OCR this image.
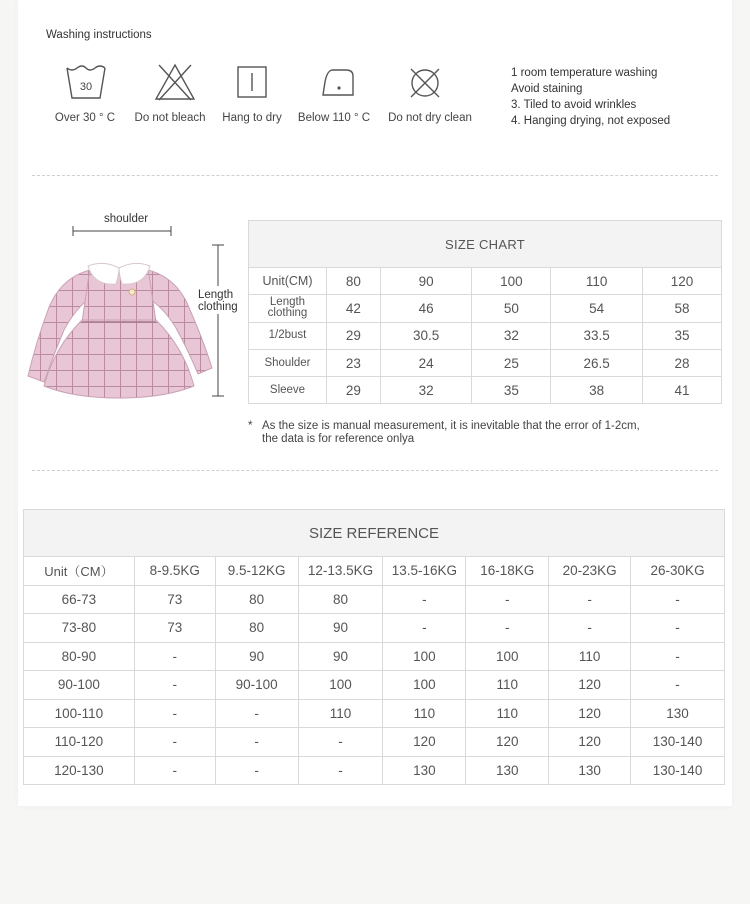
Washing instructions
30
Over 30 ° C Do not bleach Hang to dry Below 110 ° C Do not dry clean
1 room temperature washing
Avoid staining
3. Tiled to avoid wrinkles
4. Hanging drying, not exposed
shoulder
Length
clothing
SIZE CHART					
Unit(CM)	80	90	100	110	120
Length clothing	42	46	50	54	58
1/2bust	29	30.5	32	33.5	35
Shoulder	23	24	25	26.5	28
Sleeve	29	32	35	38	41
* As the size is manual measurement, it is inevitable that the error of 1-2cm,
the data is for reference onlya
SIZE REFERENCE							
Unit（CM）	8-9.5KG	9.5-12KG	12-13.5KG	13.5-16KG	16-18KG	20-23KG	26-30KG
66-73	73	80	80	-	-	-	-
73-80	73	80	90	-	-	-	-
80-90	-	90	90	100	100	110	-
90-100	-	90-100	100	100	110	120	-
100-110	-	-	110	110	110	120	130
110-120	-	-	-	120	120	120	130-140
120-130	-	-	-	130	130	130	130-140
